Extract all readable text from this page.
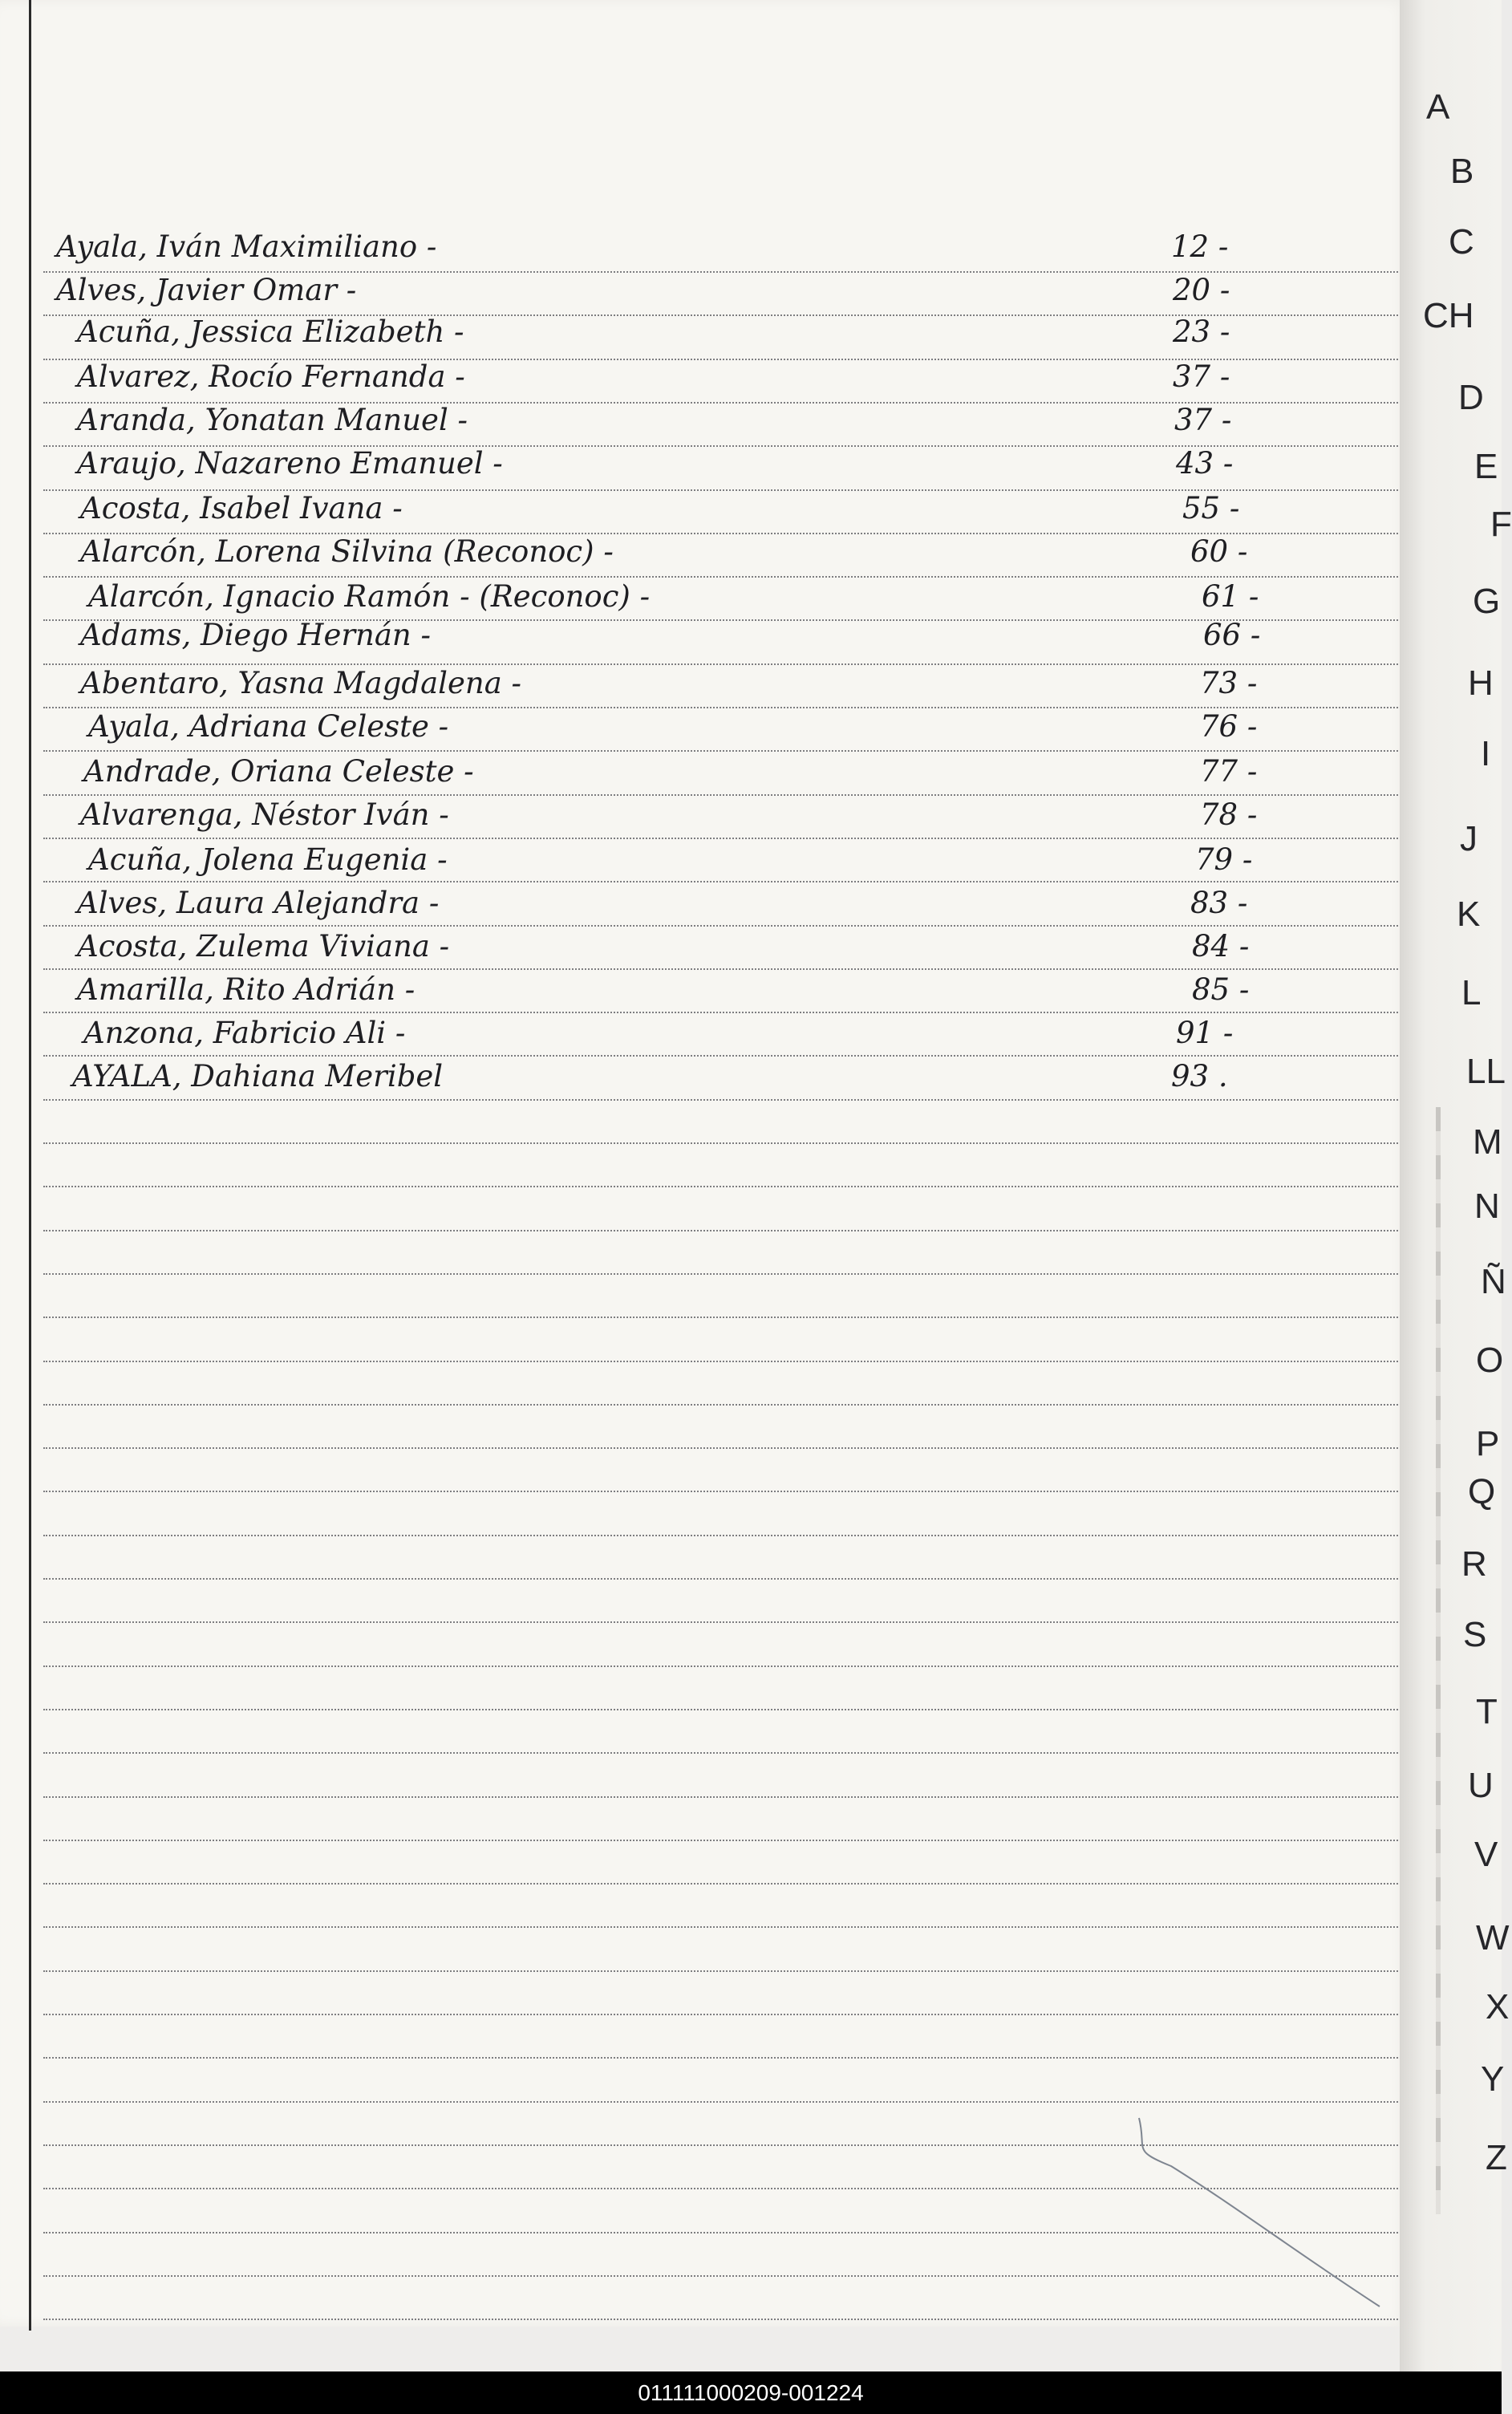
Ayala, Iván Maximiliano -	12 -
Alves, Javier Omar -	20 -
Acuña, Jessica Elizabeth -	23 -
Alvarez, Rocío Fernanda -	37 -
Aranda, Yonatan Manuel -	37 -
Araujo, Nazareno Emanuel -	43 -
Acosta, Isabel Ivana -	55 -
Alarcón, Lorena Silvina (Reconoc) -	60 -
Alarcón, Ignacio Ramón - (Reconoc) -	61 -
Adams, Diego Hernán -	66 -
Abentaro, Yasna Magdalena -	73 -
Ayala, Adriana Celeste -	76 -
Andrade, Oriana Celeste -	77 -
Alvarenga, Néstor Iván -	78 -
Acuña, Jolena Eugenia -	79 -
Alves, Laura Alejandra -	83 -
Acosta, Zulema Viviana -	84 -
Amarilla, Rito Adrián -	85 -
Anzona, Fabricio Ali -	91 -
AYALA, Dahiana Meribel	93 .
A
B
C
CH
D
E
F
G
H
I
J
K
L
LL
M
N
Ñ
O
P
Q
R
S
T
U
V
W
X
Y
Z
011111000209-001224
